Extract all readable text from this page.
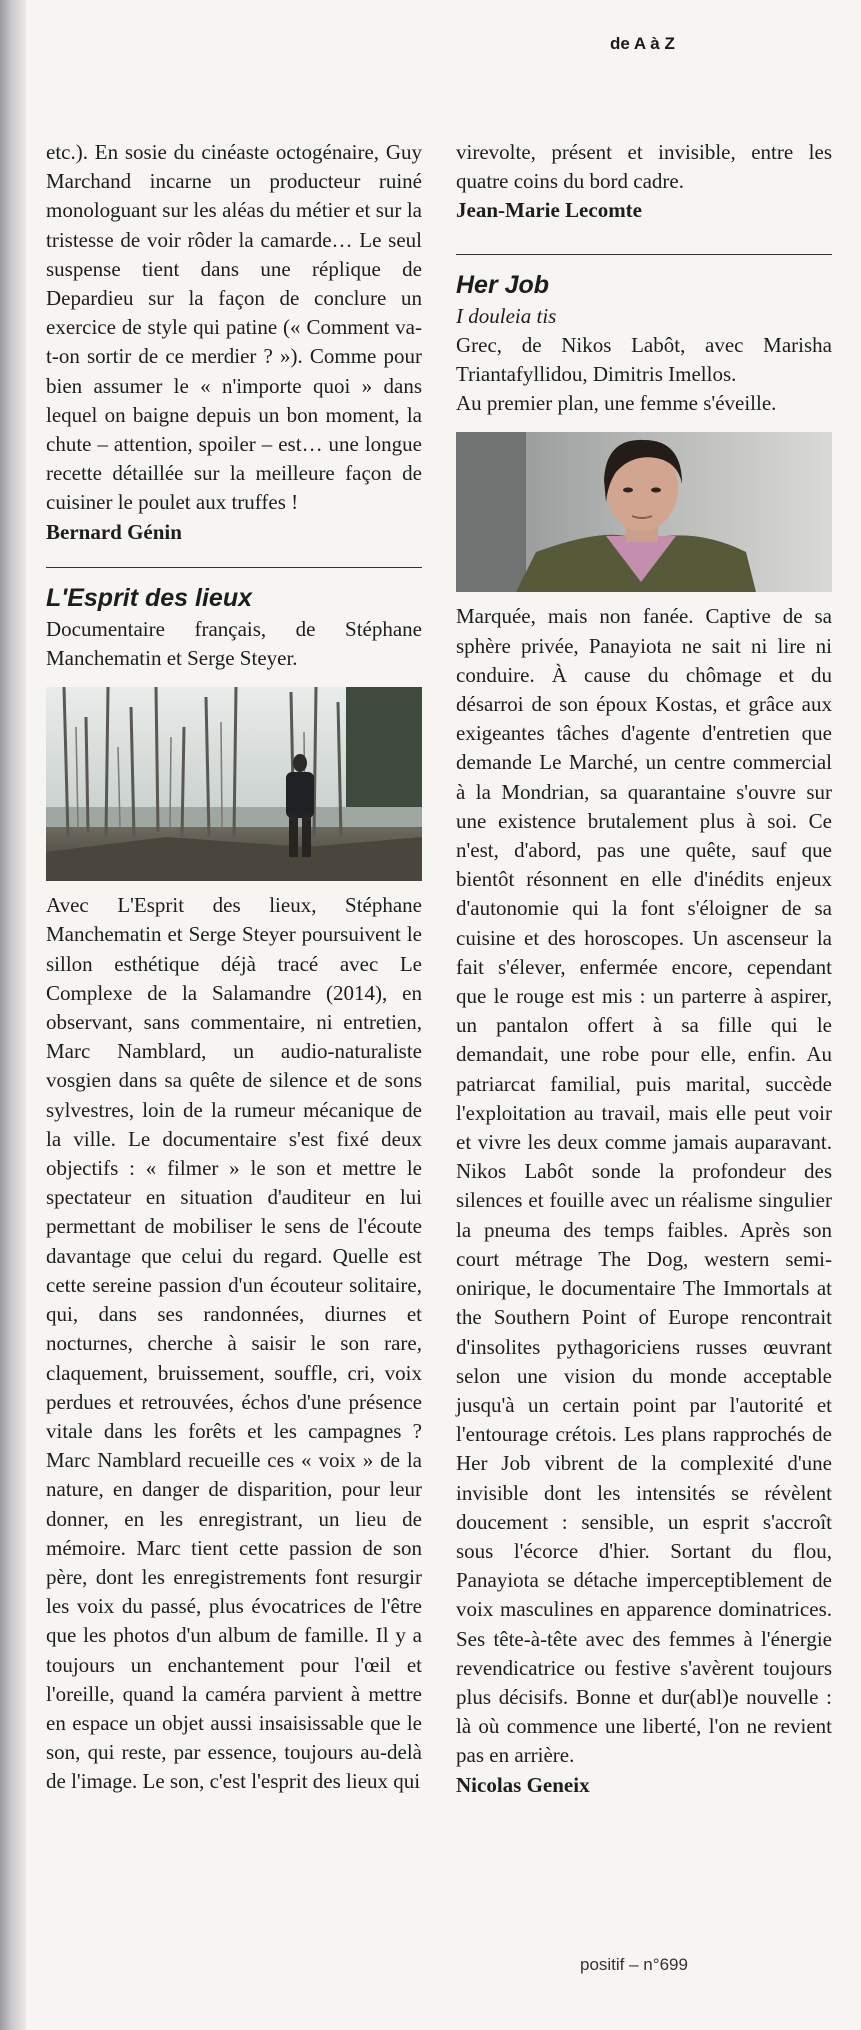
de A à Z

etc.). En sosie du cinéaste octogénaire, Guy Marchand incarne un producteur ruiné monologuant sur les aléas du métier et sur la tristesse de voir rôder la camarde… Le seul suspense tient dans une réplique de Depardieu sur la façon de conclure un exercice de style qui patine (« Comment va-t-on sortir de ce merdier ? »). Comme pour bien assumer le « n'importe quoi » dans lequel on baigne depuis un bon moment, la chute – attention, spoiler – est… une longue recette détaillée sur la meilleure façon de cuisiner le poulet aux truffes !

Bernard Génin

L'Esprit des lieux

Documentaire français, de Stéphane Manchematin et Serge Steyer.

Avec L'Esprit des lieux, Stéphane Manchematin et Serge Steyer poursuivent le sillon esthétique déjà tracé avec Le Complexe de la Salamandre (2014), en observant, sans commentaire, ni entretien, Marc Namblard, un audio-naturaliste vosgien dans sa quête de silence et de sons sylvestres, loin de la rumeur mécanique de la ville. Le documentaire s'est fixé deux objectifs : « filmer » le son et mettre le spectateur en situation d'auditeur en lui permettant de mobiliser le sens de l'écoute davantage que celui du regard. Quelle est cette sereine passion d'un écouteur solitaire, qui, dans ses randonnées, diurnes et nocturnes, cherche à saisir le son rare, claquement, bruissement, souffle, cri, voix perdues et retrouvées, échos d'une présence vitale dans les forêts et les campagnes ? Marc Namblard recueille ces « voix » de la nature, en danger de disparition, pour leur donner, en les enregistrant, un lieu de mémoire. Marc tient cette passion de son père, dont les enregistrements font resurgir les voix du passé, plus évocatrices de l'être que les photos d'un album de famille. Il y a toujours un enchantement pour l'œil et l'oreille, quand la caméra parvient à mettre en espace un objet aussi insaisissable que le son, qui reste, par essence, toujours au-delà de l'image. Le son, c'est l'esprit des lieux qui

virevolte, présent et invisible, entre les quatre coins du bord cadre.

Jean-Marie Lecomte

Her Job

I douleia tis

Grec, de Nikos Labôt, avec Marisha Triantafyllidou, Dimitris Imellos.

Au premier plan, une femme s'éveille.

Marquée, mais non fanée. Captive de sa sphère privée, Panayiota ne sait ni lire ni conduire. À cause du chômage et du désarroi de son époux Kostas, et grâce aux exigeantes tâches d'agente d'entretien que demande Le Marché, un centre commercial à la Mondrian, sa quarantaine s'ouvre sur une existence brutalement plus à soi. Ce n'est, d'abord, pas une quête, sauf que bientôt résonnent en elle d'inédits enjeux d'autonomie qui la font s'éloigner de sa cuisine et des horoscopes. Un ascenseur la fait s'élever, enfermée encore, cependant que le rouge est mis : un parterre à aspirer, un pantalon offert à sa fille qui le demandait, une robe pour elle, enfin. Au patriarcat familial, puis marital, succède l'exploitation au travail, mais elle peut voir et vivre les deux comme jamais auparavant. Nikos Labôt sonde la profondeur des silences et fouille avec un réalisme singulier la pneuma des temps faibles. Après son court métrage The Dog, western semi-onirique, le documentaire The Immortals at the Southern Point of Europe rencontrait d'insolites pythagoriciens russes œuvrant selon une vision du monde acceptable jusqu'à un certain point par l'autorité et l'entourage crétois. Les plans rapprochés de Her Job vibrent de la complexité d'une invisible dont les intensités se révèlent doucement : sensible, un esprit s'accroît sous l'écorce d'hier. Sortant du flou, Panayiota se détache imperceptiblement de voix masculines en apparence dominatrices. Ses tête-à-tête avec des femmes à l'énergie revendicatrice ou festive s'avèrent toujours plus décisifs. Bonne et dur(abl)e nouvelle : là où commence une liberté, l'on ne revient pas en arrière.

Nicolas Geneix

positif – n°699
